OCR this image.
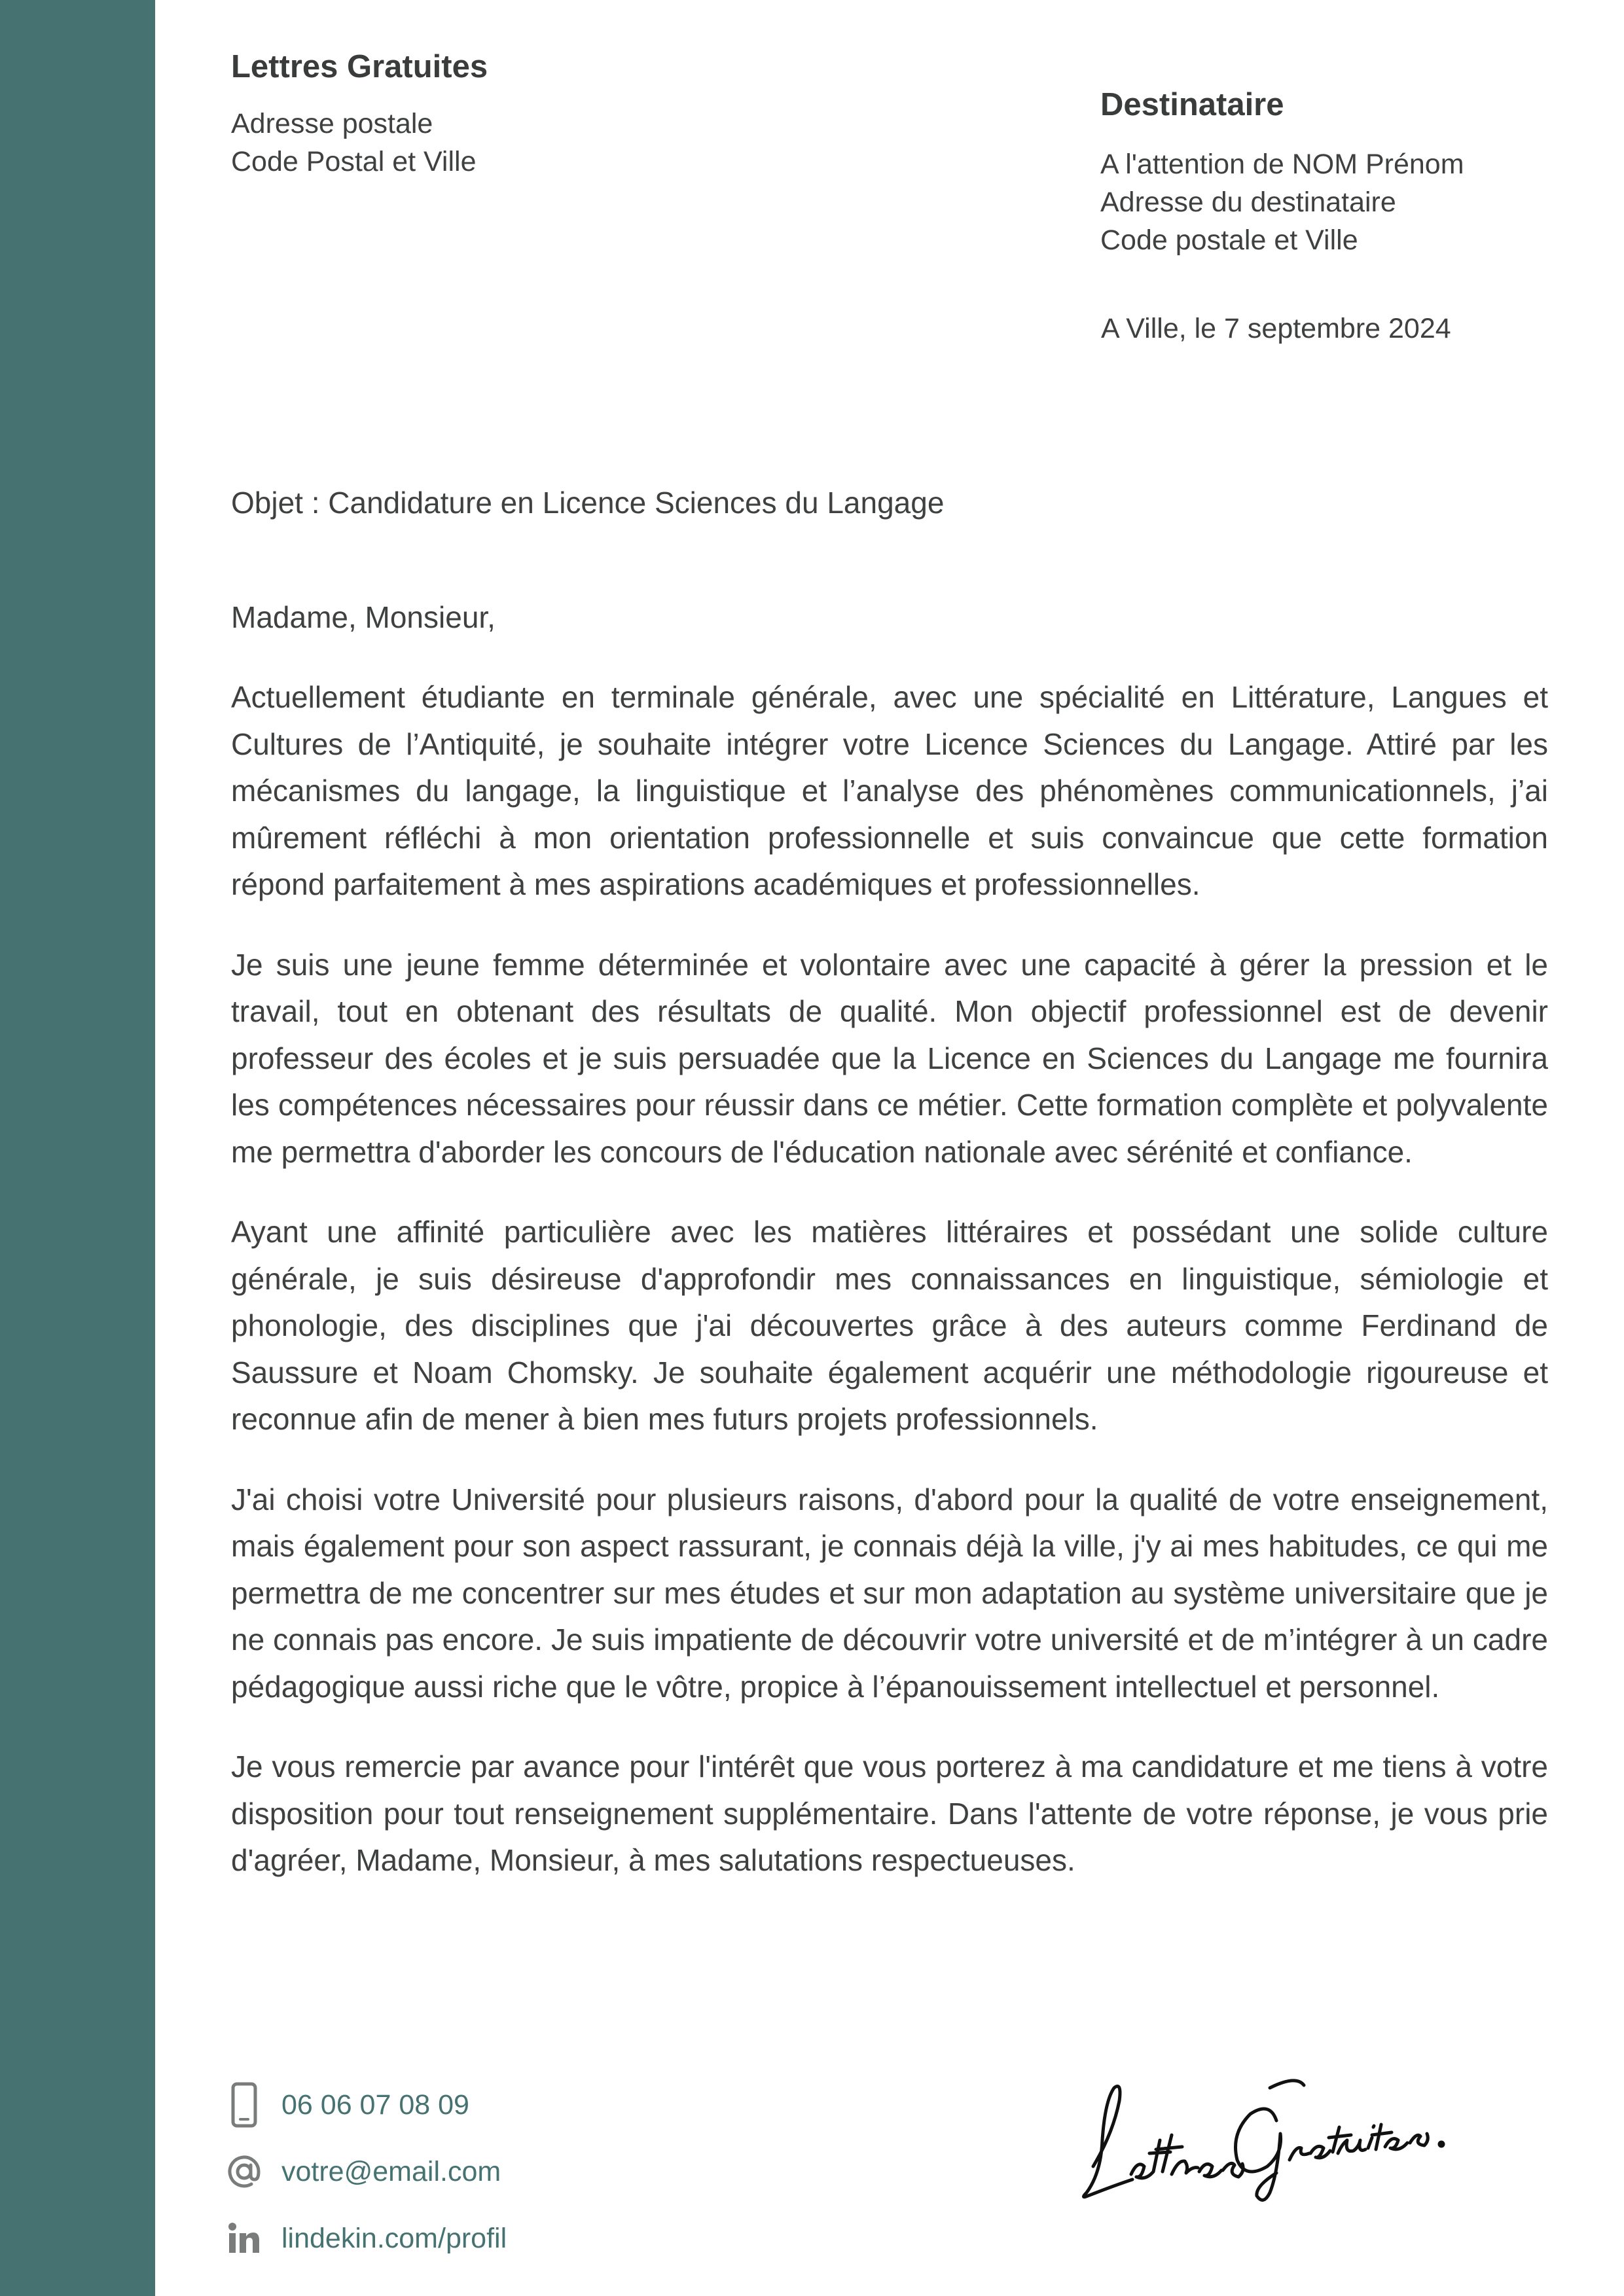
Lettres Gratuites
Adresse postale
Code Postal et Ville
Destinataire
A l'attention de NOM Prénom
Adresse du destinataire
Code postale et Ville
A Ville, le 7 septembre 2024
Objet : Candidature en Licence Sciences du Langage
Madame, Monsieur,

Actuellement étudiante en terminale générale, avec une spécialité en Littérature, Langues et Cultures de l’Antiquité, je souhaite intégrer votre Licence Sciences du Langage. Attiré par les mécanismes du langage, la linguistique et l’analyse des phénomènes communicationnels, j’ai mûrement réfléchi à mon orientation professionnelle et suis convaincue que cette formation répond parfaitement à mes aspirations académiques et professionnelles.

Je suis une jeune femme déterminée et volontaire avec une capacité à gérer la pression et le travail, tout en obtenant des résultats de qualité. Mon objectif professionnel est de devenir professeur des écoles et je suis persuadée que la Licence en Sciences du Langage me fournira les compétences nécessaires pour réussir dans ce métier. Cette formation complète et polyvalente me permettra d'aborder les concours de l'éducation nationale avec sérénité et confiance.

Ayant une affinité particulière avec les matières littéraires et possédant une solide culture générale, je suis désireuse d'approfondir mes connaissances en linguistique, sémiologie et phonologie, des disciplines que j'ai découvertes grâce à des auteurs comme Ferdinand de Saussure et Noam Chomsky. Je souhaite également acquérir une méthodologie rigoureuse et reconnue afin de mener à bien mes futurs projets professionnels.

J'ai choisi votre Université pour plusieurs raisons, d'abord pour la qualité de votre enseignement, mais également pour son aspect rassurant, je connais déjà la ville, j'y ai mes habitudes, ce qui me permettra de me concentrer sur mes études et sur mon adaptation au système universitaire que je ne connais pas encore. Je suis impatiente de découvrir votre université et de m’intégrer à un cadre pédagogique aussi riche que le vôtre, propice à l’épanouissement intellectuel et personnel.

Je vous remercie par avance pour l'intérêt que vous porterez à ma candidature et me tiens à votre disposition pour tout renseignement supplémentaire. Dans l'attente de votre réponse, je vous prie d'agréer, Madame, Monsieur, à mes salutations respectueuses.

06 06 07 08 09
votre@email.com
lindekin.com/profil
